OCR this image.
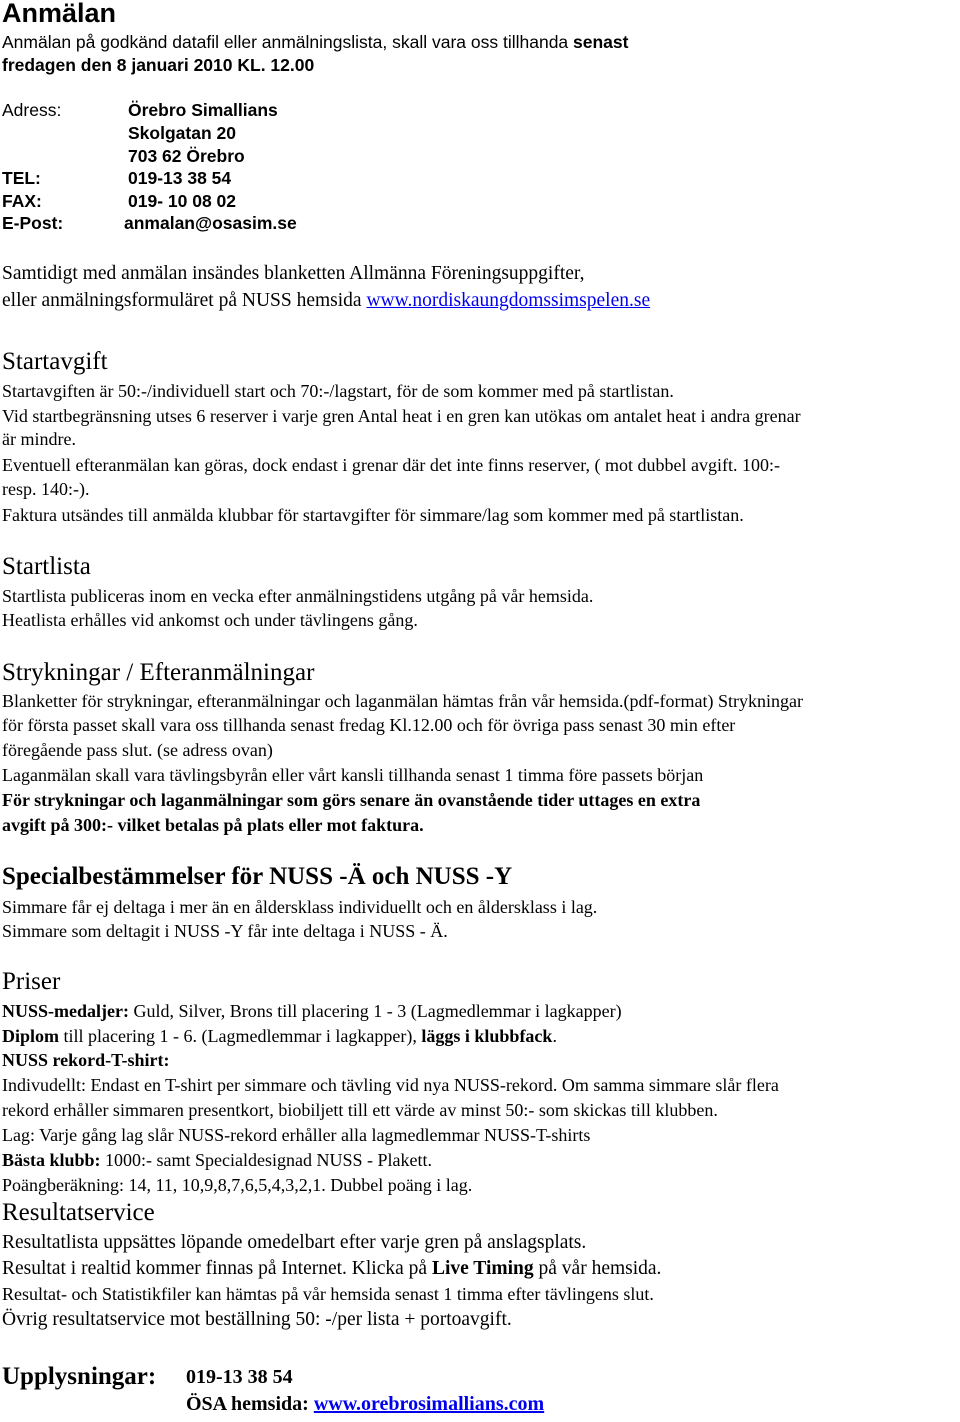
Anmälan
Anmälan på godkänd datafil eller anmälningslista, skall vara oss tillhanda senast
fredagen den 8 januari 2010 KL. 12.00
Adress:	Örebro Simallians
Skolgatan 20
703 62 Örebro
TEL:	019-13 38 54
FAX:	019- 10 08 02
E-Post:	anmalan@osasim.se
Samtidigt med anmälan insändes blanketten Allmänna Föreningsuppgifter,
eller anmälningsformuläret på NUSS hemsida www.nordiskaungdomssimspelen.se
Startavgift
Startavgiften är 50:-/individuell start och 70:-/lagstart, för de som kommer med på startlistan.
Vid startbegränsning utses 6 reserver i varje gren Antal heat i en gren kan utökas om antalet heat i andra grenar
är mindre.
Eventuell efteranmälan kan göras, dock endast i grenar där det inte finns reserver, ( mot dubbel avgift. 100:-
resp. 140:-).
Faktura utsändes till anmälda klubbar för startavgifter för simmare/lag som kommer med på startlistan.
Startlista
Startlista publiceras inom en vecka efter anmälningstidens utgång på vår hemsida.
Heatlista erhålles vid ankomst och under tävlingens gång.
Strykningar / Efteranmälningar
Blanketter för strykningar, efteranmälningar och laganmälan hämtas från vår hemsida.(pdf-format) Strykningar
för första passet skall vara oss tillhanda senast fredag Kl.12.00 och för övriga pass senast 30 min efter
föregående pass slut. (se adress ovan)
Laganmälan skall vara tävlingsbyrån eller vårt kansli tillhanda senast 1 timma före passets början
För strykningar och laganmälningar som görs senare än ovanstående tider uttages en extra
avgift på 300:- vilket betalas på plats eller mot faktura.
Specialbestämmelser för NUSS -Ä och NUSS -Y
Simmare får ej deltaga i mer än en åldersklass individuellt och en åldersklass i lag.
Simmare som deltagit i NUSS -Y får inte deltaga i NUSS - Ä.
Priser
NUSS-medaljer: Guld, Silver, Brons till placering 1 - 3 (Lagmedlemmar i lagkapper)
Diplom till placering 1 - 6. (Lagmedlemmar i lagkapper), läggs i klubbfack.
NUSS rekord-T-shirt:
Indivudellt: Endast en T-shirt per simmare och tävling vid nya NUSS-rekord. Om samma simmare slår flera
rekord erhåller simmaren presentkort, biobiljett till ett värde av minst 50:- som skickas till klubben.
Lag: Varje gång lag slår NUSS-rekord erhåller alla lagmedlemmar NUSS-T-shirts
Bästa klubb: 1000:- samt Specialdesignad NUSS - Plakett.
Poängberäkning: 14, 11, 10,9,8,7,6,5,4,3,2,1. Dubbel poäng i lag.
Resultatservice
Resultatlista uppsättes löpande omedelbart efter varje gren på anslagsplats.
Resultat i realtid kommer finnas på Internet. Klicka på Live Timing på vår hemsida.
Resultat- och Statistikfiler kan hämtas på vår hemsida senast 1 timma efter tävlingens slut.
Övrig resultatservice mot beställning 50: -/per lista + portoavgift.
Upplysningar: 019-13 38 54
ÖSA hemsida: www.orebrosimallians.com
